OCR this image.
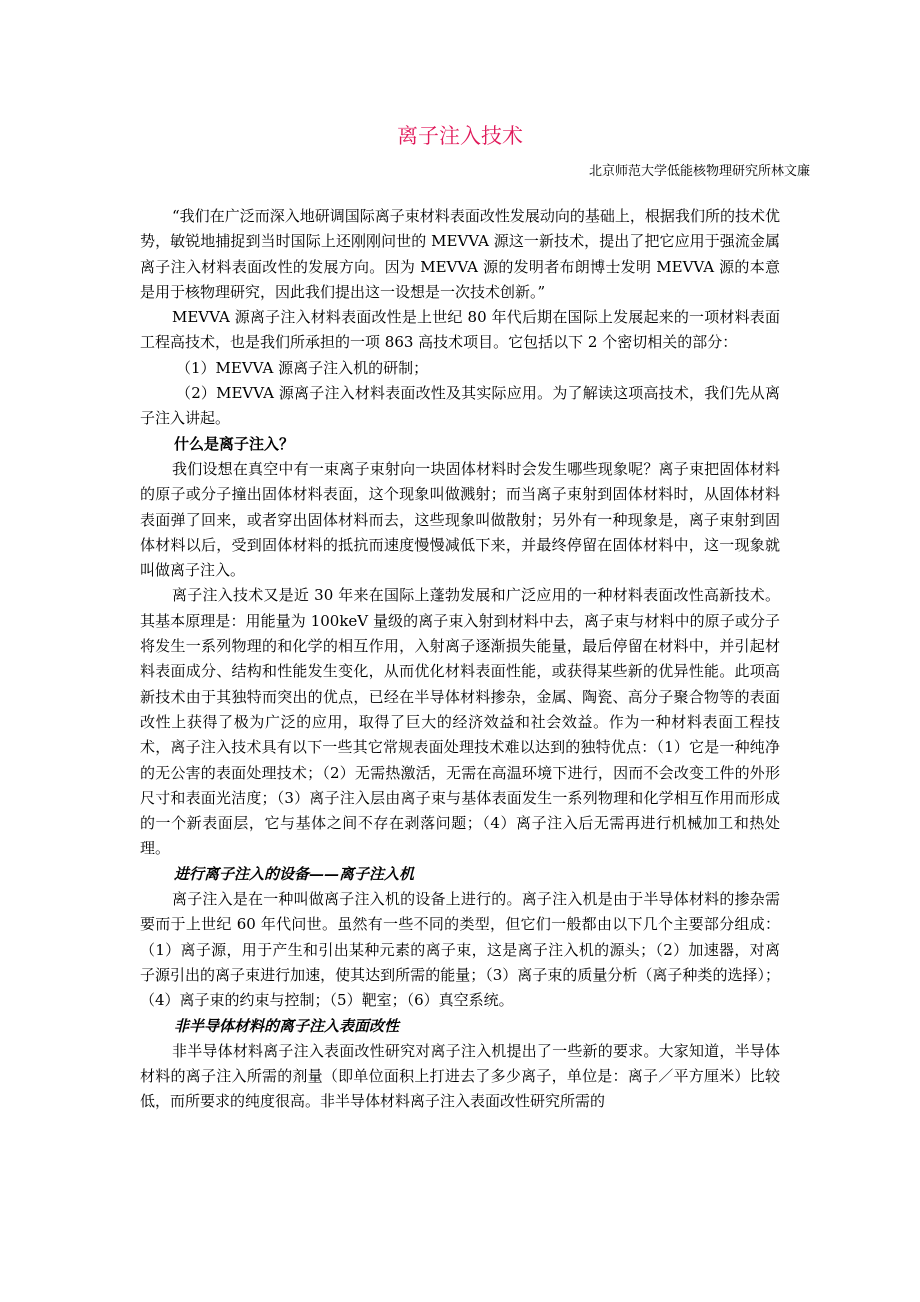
离子注入技术
北京师范大学低能核物理研究所林文廉

“我们在广泛而深入地研调国际离子束材料表面改性发展动向的基础上，根据我们所的技术优势，敏锐地捕捉到当时国际上还刚刚问世的 MEVVA 源这一新技术，提出了把它应用于强流金属离子注入材料表面改性的发展方向。因为 MEVVA 源的发明者布朗博士发明 MEVVA 源的本意是用于核物理研究，因此我们提出这一设想是一次技术创新。”

MEVVA 源离子注入材料表面改性是上世纪 80 年代后期在国际上发展起来的一项材料表面工程高技术，也是我们所承担的一项 863 高技术项目。它包括以下 2 个密切相关的部分：

（1）MEVVA 源离子注入机的研制；

（2）MEVVA 源离子注入材料表面改性及其实际应用。为了解读这项高技术，我们先从离子注入讲起。

什么是离子注入？

我们设想在真空中有一束离子束射向一块固体材料时会发生哪些现象呢？离子束把固体材料的原子或分子撞出固体材料表面，这个现象叫做溅射；而当离子束射到固体材料时，从固体材料表面弹了回来，或者穿出固体材料而去，这些现象叫做散射；另外有一种现象是，离子束射到固体材料以后，受到固体材料的抵抗而速度慢慢减低下来，并最终停留在固体材料中，这一现象就叫做离子注入。

离子注入技术又是近 30 年来在国际上蓬勃发展和广泛应用的一种材料表面改性高新技术。其基本原理是：用能量为 100keV 量级的离子束入射到材料中去，离子束与材料中的原子或分子将发生一系列物理的和化学的相互作用，入射离子逐渐损失能量，最后停留在材料中，并引起材料表面成分、结构和性能发生变化，从而优化材料表面性能，或获得某些新的优异性能。此项高新技术由于其独特而突出的优点，已经在半导体材料掺杂，金属、陶瓷、高分子聚合物等的表面改性上获得了极为广泛的应用，取得了巨大的经济效益和社会效益。作为一种材料表面工程技术，离子注入技术具有以下一些其它常规表面处理技术难以达到的独特优点：（1）它是一种纯净的无公害的表面处理技术；（2）无需热激活，无需在高温环境下进行，因而不会改变工件的外形尺寸和表面光洁度；（3）离子注入层由离子束与基体表面发生一系列物理和化学相互作用而形成的一个新表面层，它与基体之间不存在剥落问题；（4）离子注入后无需再进行机械加工和热处理。

进行离子注入的设备——离子注入机

离子注入是在一种叫做离子注入机的设备上进行的。离子注入机是由于半导体材料的掺杂需要而于上世纪 60 年代问世。虽然有一些不同的类型，但它们一般都由以下几个主要部分组成：（1）离子源，用于产生和引出某种元素的离子束，这是离子注入机的源头；（2）加速器，对离子源引出的离子束进行加速，使其达到所需的能量；（3）离子束的质量分析（离子种类的选择）；（4）离子束的约束与控制；（5）靶室；（6）真空系统。

非半导体材料的离子注入表面改性

非半导体材料离子注入表面改性研究对离子注入机提出了一些新的要求。大家知道，半导体材料的离子注入所需的剂量（即单位面积上打进去了多少离子，单位是：离子／平方厘米）比较低，而所要求的纯度很高。非半导体材料离子注入表面改性研究所需的
